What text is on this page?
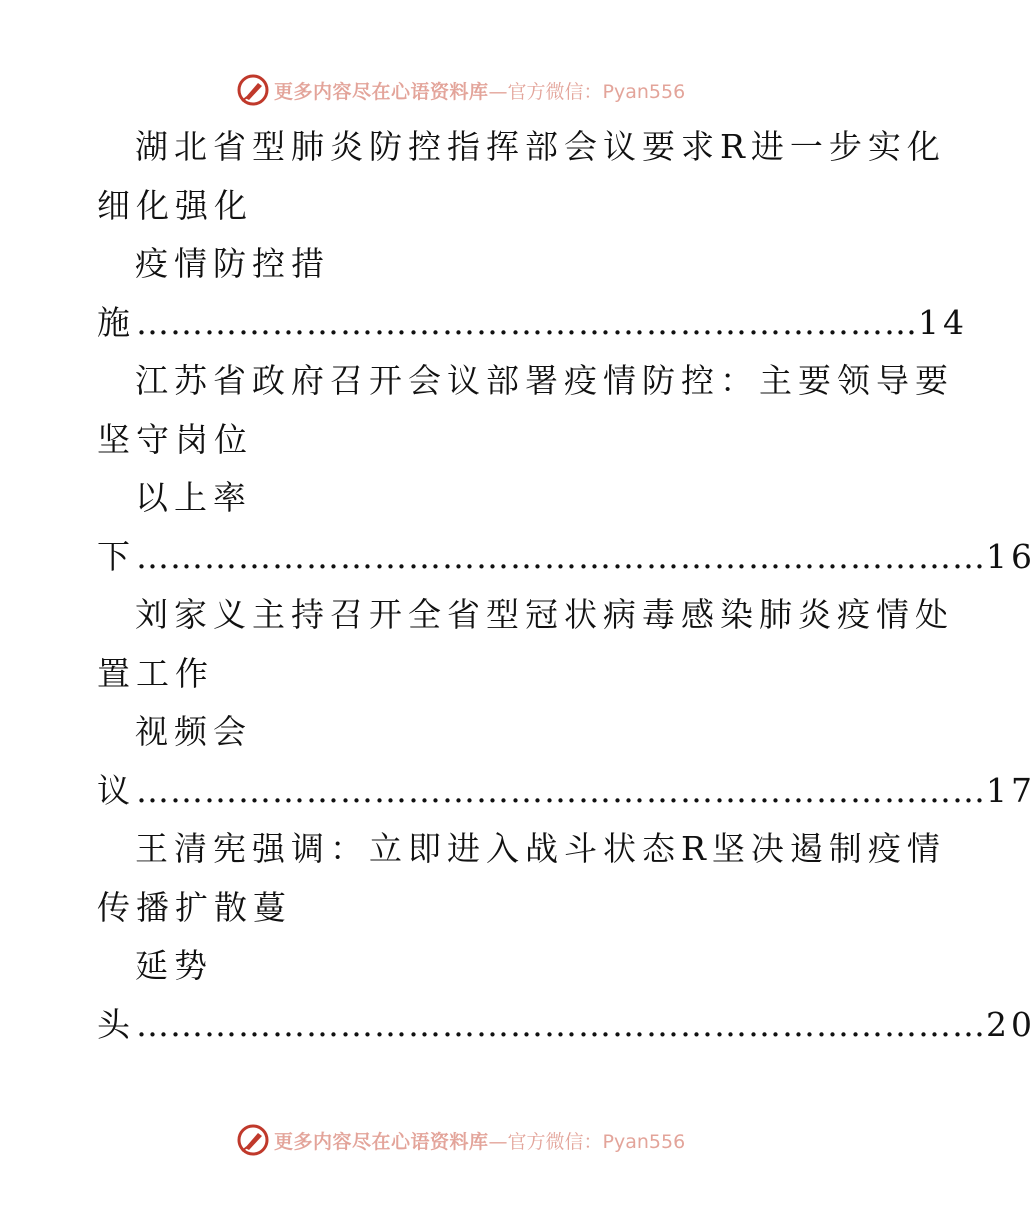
更多内容尽在心语资料库 —官方微信：Pyan556
湖北省型肺炎防控指挥部会议要求R进一步实化
细化强化
疫情防控措
施 …………………………………………………………… 14
江苏省政府召开会议部署疫情防控：主要领导要
坚守岗位
以上率
下 ………………………………………………………………… 16
刘家义主持召开全省型冠状病毒感染肺炎疫情处
置工作
视频会
议 ………………………………………………………………… 17
王清宪强调：立即进入战斗状态R坚决遏制疫情
传播扩散蔓
延势
头 ………………………………………………………………… 20
更多内容尽在心语资料库 —官方微信：Pyan556
